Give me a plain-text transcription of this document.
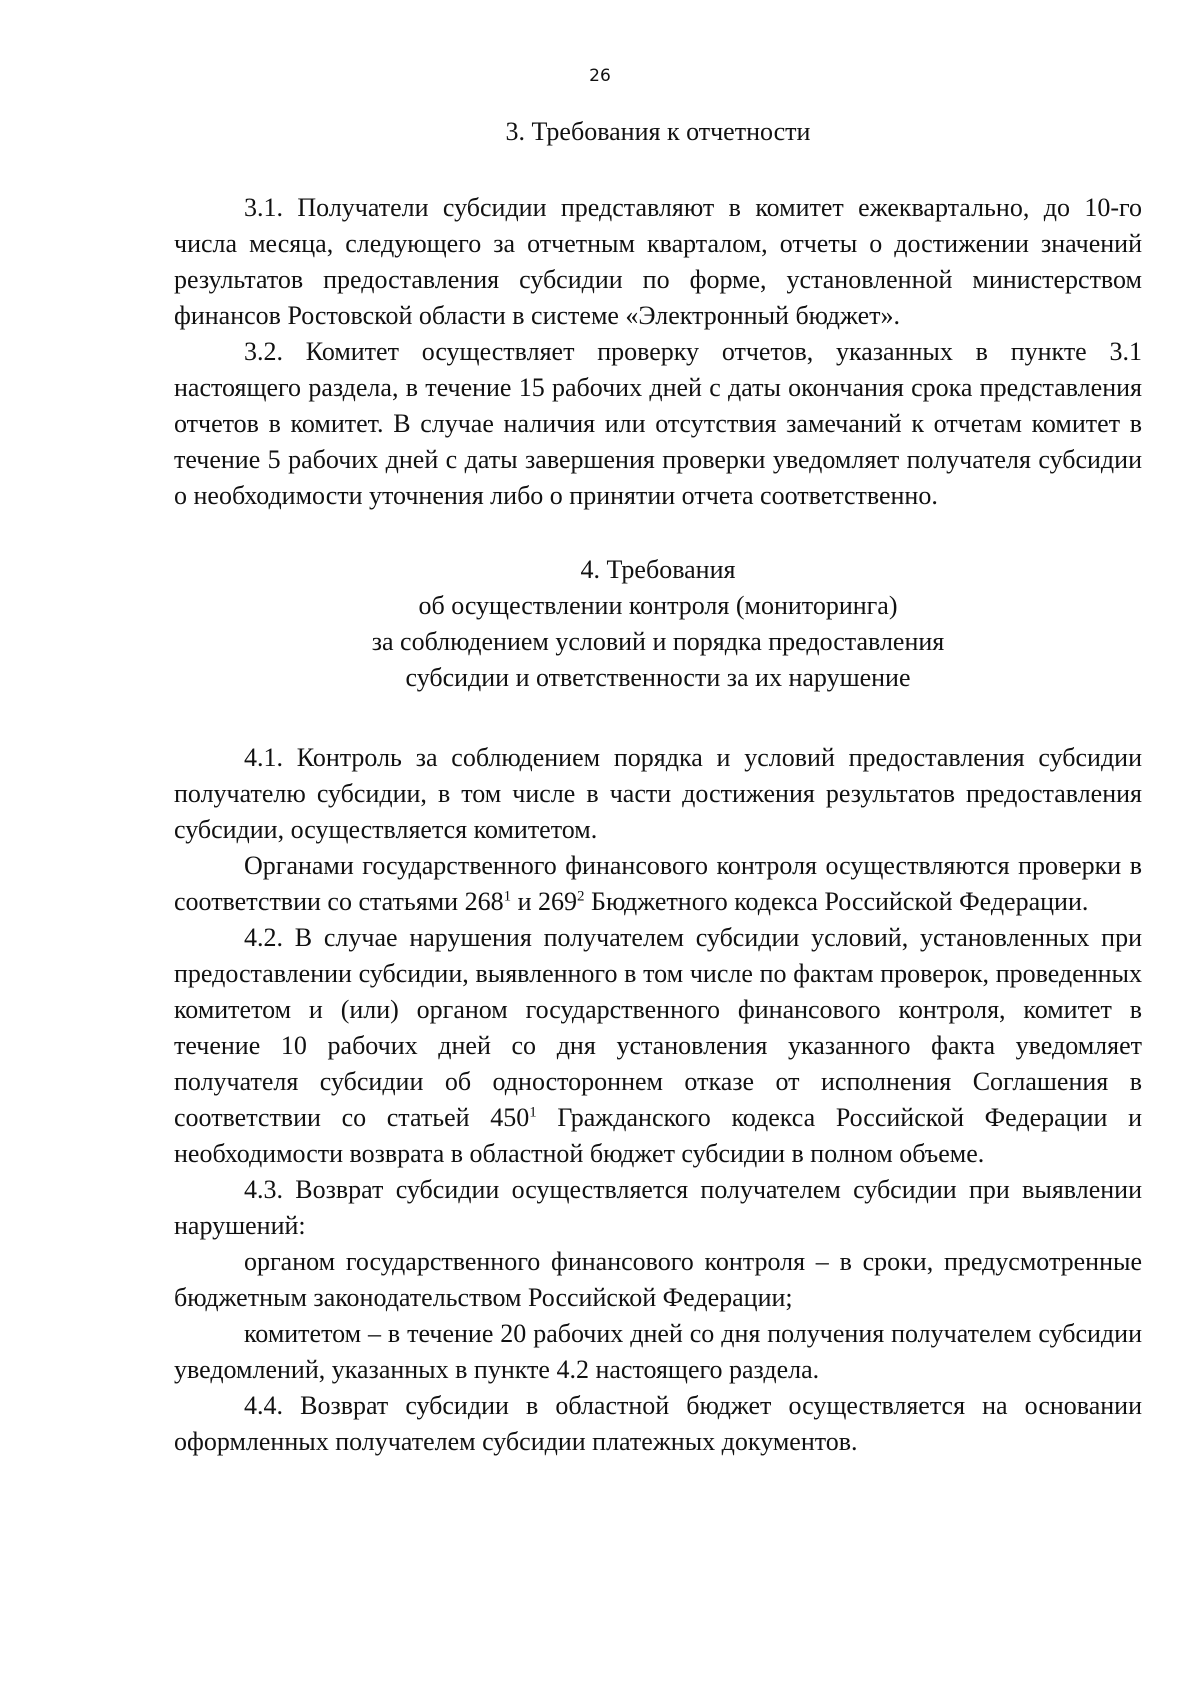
26

3. Требования к отчетности

3.1. Получатели субсидии представляют в комитет ежеквартально, до 10-го числа месяца, следующего за отчетным кварталом, отчеты о достижении значений результатов предоставления субсидии по форме, установленной министерством финансов Ростовской области в системе «Электронный бюджет».

3.2. Комитет осуществляет проверку отчетов, указанных в пункте 3.1 настоящего раздела, в течение 15 рабочих дней с даты окончания срока представления отчетов в комитет. В случае наличия или отсутствия замечаний к отчетам комитет в течение 5 рабочих дней с даты завершения проверки уведомляет получателя субсидии о необходимости уточнения либо о принятии отчета соответственно.

4. Требования
об осуществлении контроля (мониторинга)
за соблюдением условий и порядка предоставления
субсидии и ответственности за их нарушение

4.1. Контроль за соблюдением порядка и условий предоставления субсидии получателю субсидии, в том числе в части достижения результатов предоставления субсидии, осуществляется комитетом.

Органами государственного финансового контроля осуществляются проверки в соответствии со статьями $268^1$ и $269^2$ Бюджетного кодекса Российской Федерации.

4.2. В случае нарушения получателем субсидии условий, установленных при предоставлении субсидии, выявленного в том числе по фактам проверок, проведенных комитетом и (или) органом государственного финансового контроля, комитет в течение 10 рабочих дней со дня установления указанного факта уведомляет получателя субсидии об одностороннем отказе от исполнения Соглашения в соответствии со статьей $450^1$ Гражданского кодекса Российской Федерации и необходимости возврата в областной бюджет субсидии в полном объеме.

4.3. Возврат субсидии осуществляется получателем субсидии при выявлении нарушений:

органом государственного финансового контроля – в сроки, предусмотренные бюджетным законодательством Российской Федерации;

комитетом – в течение 20 рабочих дней со дня получения получателем субсидии уведомлений, указанных в пункте 4.2 настоящего раздела.

4.4. Возврат субсидии в областной бюджет осуществляется на основании оформленных получателем субсидии платежных документов.
